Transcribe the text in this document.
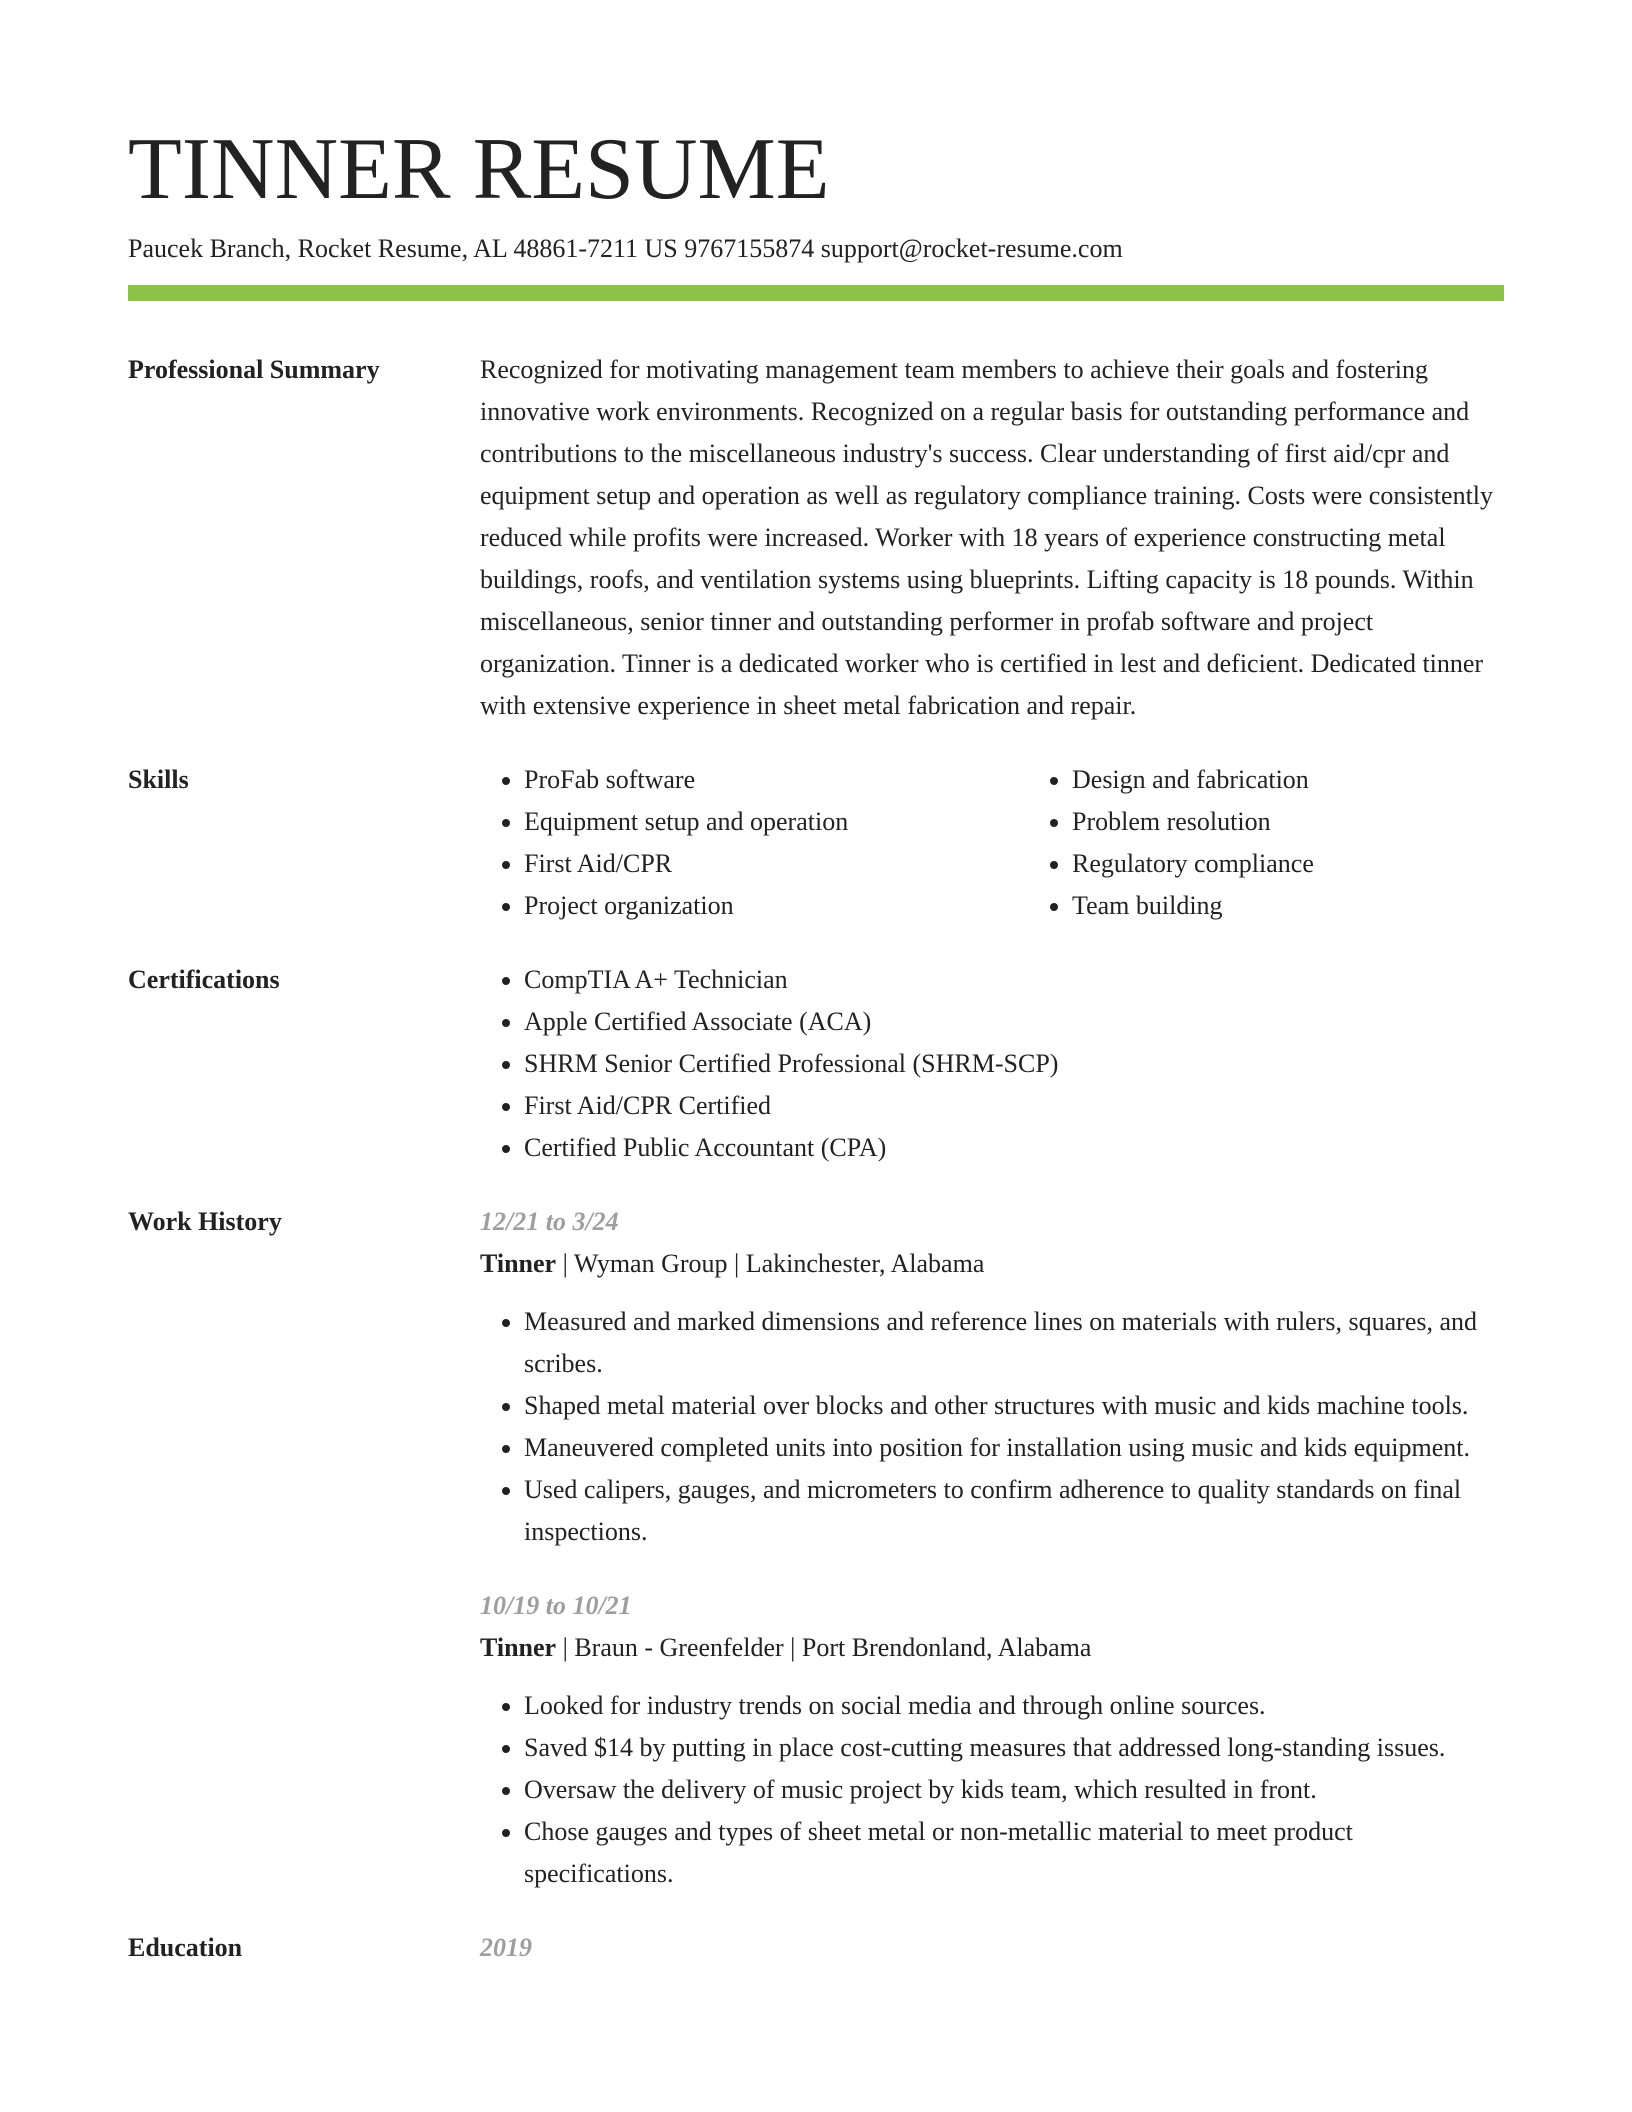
TINNER RESUME
Paucek Branch, Rocket Resume, AL 48861-7211 US 9767155874 support@rocket-resume.com
Professional Summary	Recognized for motivating management team members to achieve their goals and fostering innovative work environments. Recognized on a regular basis for outstanding performance and contributions to the miscellaneous industry's success. Clear understanding of first aid/cpr and equipment setup and operation as well as regulatory compliance training. Costs were consistently reduced while profits were increased. Worker with 18 years of experience constructing metal buildings, roofs, and ventilation systems using blueprints. Lifting capacity is 18 pounds. Within miscellaneous, senior tinner and outstanding performer in profab software and project organization. Tinner is a dedicated worker who is certified in lest and deficient. Dedicated tinner with extensive experience in sheet metal fabrication and repair.

Skills	• ProFab software
• Equipment setup and operation
• First Aid/CPR
• Project organization
• Design and fabrication
• Problem resolution
• Regulatory compliance
• Team building
Certifications	• CompTIA A+ Technician
• Apple Certified Associate (ACA)
• SHRM Senior Certified Professional (SHRM-SCP)
• First Aid/CPR Certified
• Certified Public Accountant (CPA)
Work History	12/21 to 3/24

Tinner | Wyman Group | Lakinchester, Alabama

• Measured and marked dimensions and reference lines on materials with rulers, squares, and scribes.
• Shaped metal material over blocks and other structures with music and kids machine tools.
• Maneuvered completed units into position for installation using music and kids equipment.
• Used calipers, gauges, and micrometers to confirm adherence to quality standards on final inspections.

10/19 to 10/21

Tinner | Braun - Greenfelder | Port Brendonland, Alabama

• Looked for industry trends on social media and through online sources.
• Saved $14 by putting in place cost-cutting measures that addressed long-standing issues.
• Oversaw the delivery of music project by kids team, which resulted in front.
• Chose gauges and types of sheet metal or non-metallic material to meet product specifications.
Education	2019
